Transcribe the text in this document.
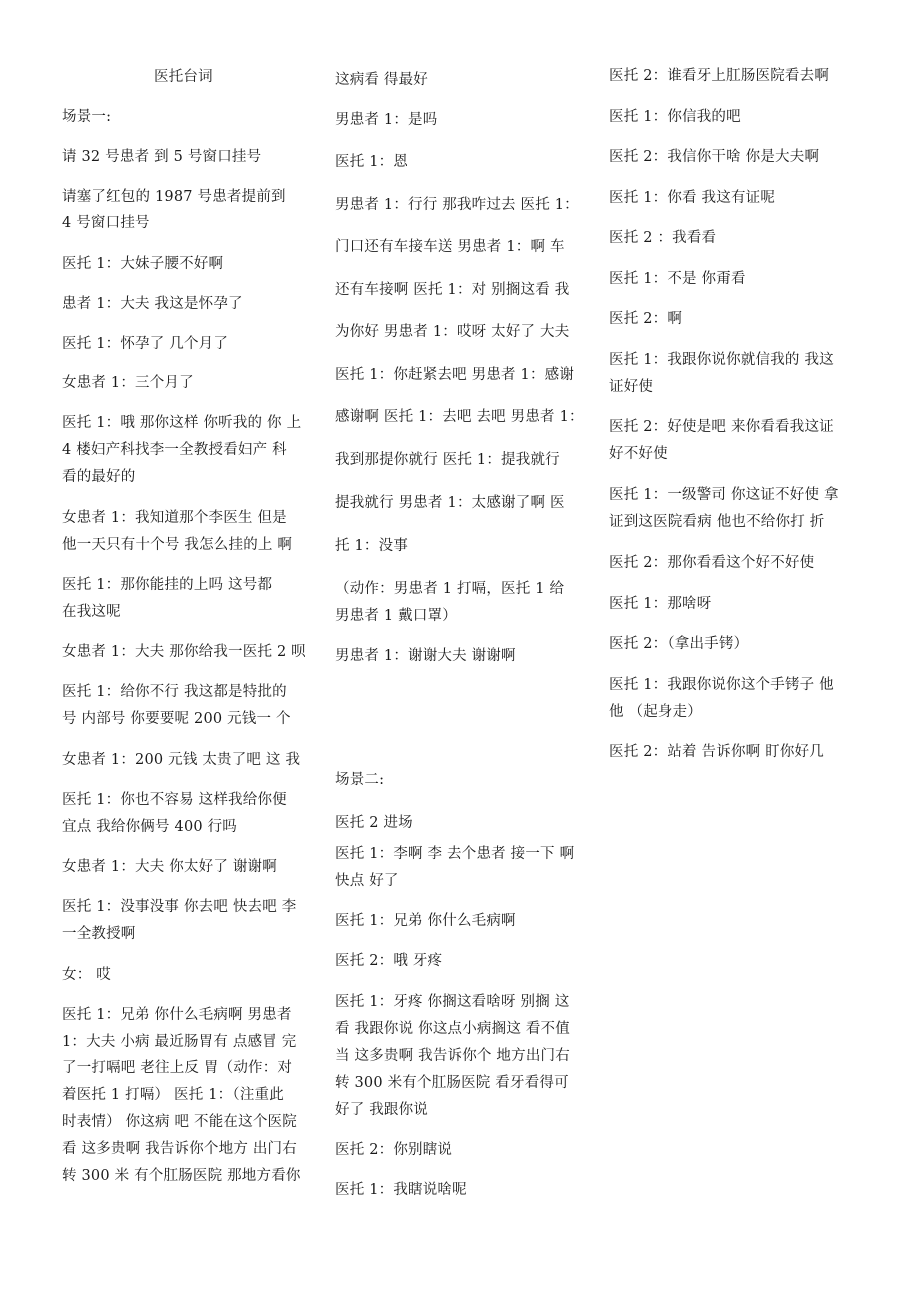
医托台词
场景一:
请 32 号患者 到 5 号窗口挂号
请塞了红包的 1987 号患者提前到
4 号窗口挂号
医托 1：大妹子腰不好啊
患者 1：大夫 我这是怀孕了
医托 1：怀孕了 几个月了
女患者 1：三个月了
医托 1：哦 那你这样 你听我的 你 上
4 楼妇产科找李一全教授看妇产 科
看的最好的
女患者 1：我知道那个李医生 但是
他一天只有十个号 我怎么挂的上 啊
医托 1：那你能挂的上吗 这号都
在我这呢
女患者 1：大夫 那你给我一医托 2 呗
医托 1：给你不行 我这都是特批的
号 内部号 你要要呢 200 元钱一 个
女患者 1：200 元钱 太贵了吧 这 我
医托 1：你也不容易 这样我给你便
宜点 我给你俩号 400 行吗
女患者 1：大夫 你太好了 谢谢啊
医托 1：没事没事 你去吧 快去吧 李
一全教授啊
女： 哎
医托 1：兄弟 你什么毛病啊 男患者
1：大夫 小病 最近肠胃有 点感冒 完
了一打嗝吧 老往上反 胃（动作：对
着医托 1 打嗝） 医托 1：（注重此
时表情） 你这病 吧 不能在这个医院
看 这多贵啊 我告诉你个地方 出门右
转 300 米 有个肛肠医院 那地方看你
这病看 得最好
男患者 1：是吗
医托 1：恩
男患者 1：行行 那我咋过去 医托 1：
门口还有车接车送 男患者 1：啊 车
还有车接啊 医托 1：对 别搁这看 我
为你好 男患者 1：哎呀 太好了 大夫
医托 1：你赶紧去吧 男患者 1：感谢
感谢啊 医托 1：去吧 去吧 男患者 1：
我到那提你就行 医托 1：提我就行
提我就行 男患者 1：太感谢了啊 医
托 1：没事
（动作：男患者 1 打嗝，医托 1 给
男患者 1 戴口罩）
男患者 1：谢谢大夫 谢谢啊
场景二:
医托 2 进场
医托 1：李啊 李 去个患者 接一下 啊
快点 好了
医托 1：兄弟 你什么毛病啊
医托 2：哦 牙疼
医托 1：牙疼 你搁这看啥呀 别搁 这
看 我跟你说 你这点小病搁这 看不值
当 这多贵啊 我告诉你个 地方出门右
转 300 米有个肛肠医院 看牙看得可
好了 我跟你说
医托 2：你别瞎说
医托 1：我瞎说啥呢
医托 2：谁看牙上肛肠医院看去啊
医托 1：你信我的吧
医托 2：我信你干啥 你是大夫啊
医托 1：你看 我这有证呢
医托 2 ：我看看
医托 1：不是 你甭看
医托 2：啊
医托 1：我跟你说你就信我的 我这
证好使
医托 2：好使是吧 来你看看我这证
好不好使
医托 1：一级警司 你这证不好使 拿
证到这医院看病 他也不给你打 折
医托 2：那你看看这个好不好使
医托 1：那啥呀
医托 2：（拿出手铐）
医托 1：我跟你说你这个手铐子 他
他 （起身走）
医托 2：站着 告诉你啊 盯你好几
